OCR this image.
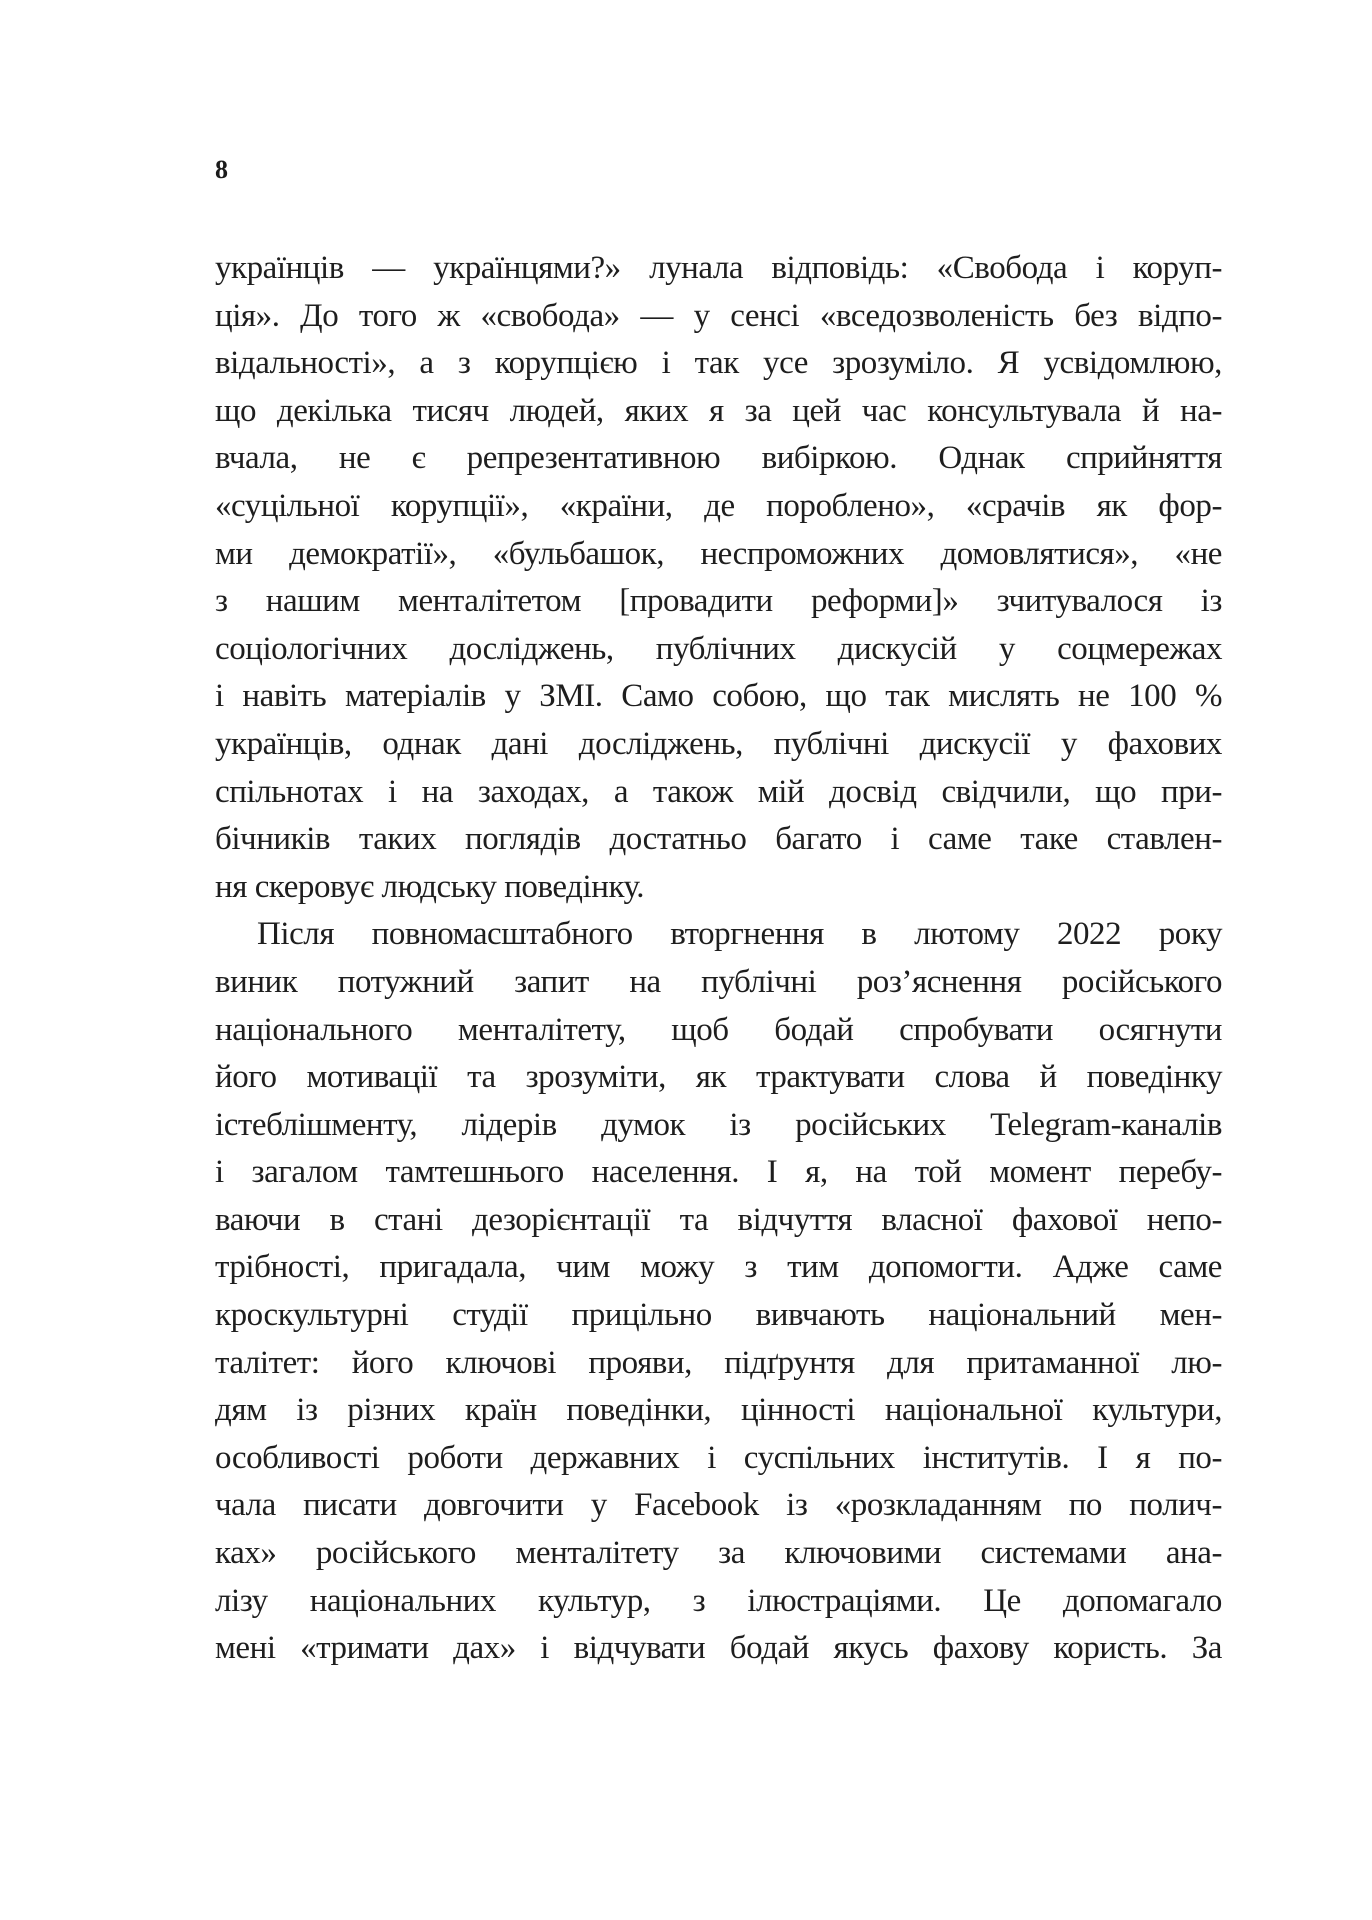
8
українців — українцями?» лунала відповідь: «Свобода і коруп-
ція». До того ж «свобода» — у сенсі «вседозволеність без відпо-
відальності», а з корупцією і так усе зрозуміло. Я усвідомлюю,
що декілька тисяч людей, яких я за цей час консультувала й на-
вчала, не є репрезентативною вибіркою. Однак сприйняття
«суцільної корупції», «країни, де пороблено», «срачів як фор-
ми демократії», «бульбашок, неспроможних домовлятися», «не
з нашим менталітетом [провадити реформи]» зчитувалося із
соціологічних досліджень, публічних дискусій у соцмережах
і навіть матеріалів у ЗМІ. Само собою, що так мислять не 100 %
українців, однак дані досліджень, публічні дискусії у фахових
спільнотах і на заходах, а також мій досвід свідчили, що при-
бічників таких поглядів достатньо багато і саме таке ставлен-
ня скеровує людську поведінку.
Після повномасштабного вторгнення в лютому 2022 року
виник потужний запит на публічні роз’яснення російського
національного менталітету, щоб бодай спробувати осягнути
його мотивації та зрозуміти, як трактувати слова й поведінку
істеблішменту, лідерів думок із російських Telegram-каналів
і загалом тамтешнього населення. І я, на той момент перебу-
ваючи в стані дезорієнтації та відчуття власної фахової непо-
трібності, пригадала, чим можу з тим допомогти. Адже саме
кроскультурні студії прицільно вивчають національний мен-
талітет: його ключові прояви, підґрунтя для притаманної лю-
дям із різних країн поведінки, цінності національної культури,
особливості роботи державних і суспільних інститутів. І я по-
чала писати довгочити у Facebook із «розкладанням по полич-
ках» російського менталітету за ключовими системами ана-
лізу національних культур, з ілюстраціями. Це допомагало
мені «тримати дах» і відчувати бодай якусь фахову користь. За
